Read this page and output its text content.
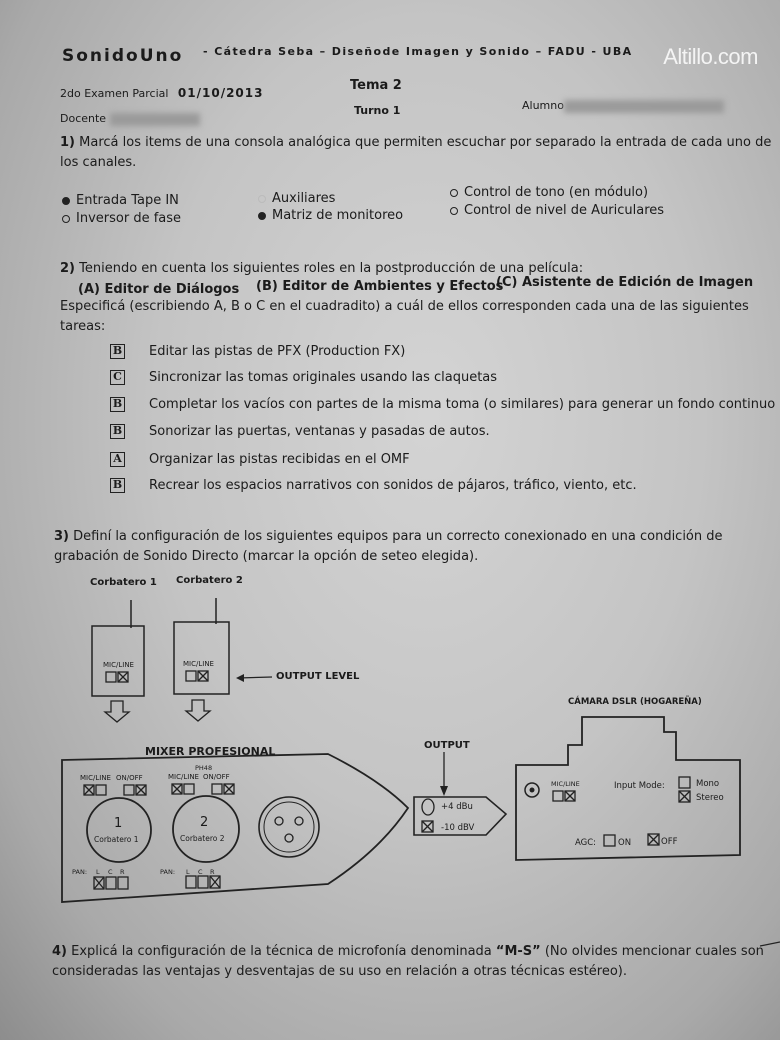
SonidoUno - Cátedra Seba – Diseñode Imagen y Sonido – FADU - UBA Altillo.com
2do Examen Parcial 01/10/2013	Tema 2
Turno 1	Alumno
Docente
1) Marcá los items de una consola analógica que permiten escuchar por separado la entrada de cada uno de
los canales.
Entrada Tape IN	Auxiliares	Control de tono (en módulo)
Inversor de fase	Matriz de monitoreo	Control de nivel de Auriculares
2) Teniendo en cuenta los siguientes roles en la postproducción de una película:
(A) Editor de Diálogos (B) Editor de Ambientes y Efectos
(C) Asistente de Edición de Imagen
Especificá (escribiendo A, B o C en el cuadradito) a cuál de ellos corresponden cada una de las siguientes
tareas:
B Editar las pistas de PFX (Production FX)
C Sincronizar las tomas originales usando las claquetas
B Completar los vacíos con partes de la misma toma (o similares) para generar un fondo continuo
B Sonorizar las puertas, ventanas y pasadas de autos.
A Organizar las pistas recibidas en el OMF
B Recrear los espacios narrativos con sonidos de pájaros, tráfico, viento, etc.
3) Definí la configuración de los siguientes equipos para un correcto conexionado en una condición de
grabación de Sonido Directo (marcar la opción de seteo elegida).
Corbatero 1
MIC/LINE
Corbatero 2
MIC/LINE
OUTPUT LEVEL
MIXER PROFESIONAL
PH48
MIC/LINE ON/OFF	MIC/LINE ON/OFF
1
Corbatero 1
2
Corbatero 2
PAN: L C R	PAN: L C R
OUTPUT
+4 dBu
-10 dBV
CÁMARA DSLR (HOGAREÑA)
MIC/LINE	Input Mode:	Mono
Stereo
AGC:	ON	OFF
4) Explicá la configuración de la técnica de microfonía denominada “M-S” (No olvides mencionar cuales son
consideradas las ventajas y desventajas de su uso en relación a otras técnicas estéreo).
